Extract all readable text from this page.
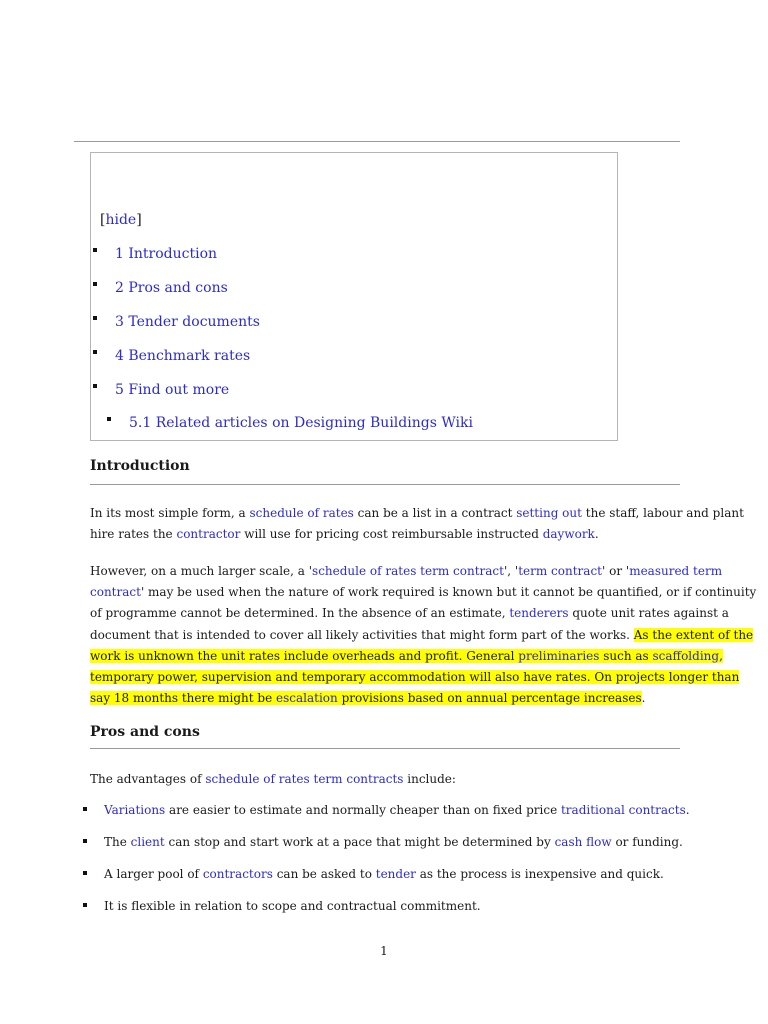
[hide]
1 Introduction
2 Pros and cons
3 Tender documents
4 Benchmark rates
5 Find out more
5.1 Related articles on Designing Buildings Wiki
Introduction
In its most simple form, a schedule of rates can be a list in a contract setting out the staff, labour and plant
hire rates the contractor will use for pricing cost reimbursable instructed daywork.
However, on a much larger scale, a 'schedule of rates term contract', 'term contract' or 'measured term
contract' may be used when the nature of work required is known but it cannot be quantified, or if continuity
of programme cannot be determined. In the absence of an estimate, tenderers quote unit rates against a
document that is intended to cover all likely activities that might form part of the works. As the extent of the
work is unknown the unit rates include overheads and profit. General preliminaries such as scaffolding,
temporary power, supervision and temporary accommodation will also have rates. On projects longer than
say 18 months there might be escalation provisions based on annual percentage increases.
Pros and cons
The advantages of schedule of rates term contracts include:
Variations are easier to estimate and normally cheaper than on fixed price traditional contracts.
The client can stop and start work at a pace that might be determined by cash flow or funding.
A larger pool of contractors can be asked to tender as the process is inexpensive and quick.
It is flexible in relation to scope and contractual commitment.
1
